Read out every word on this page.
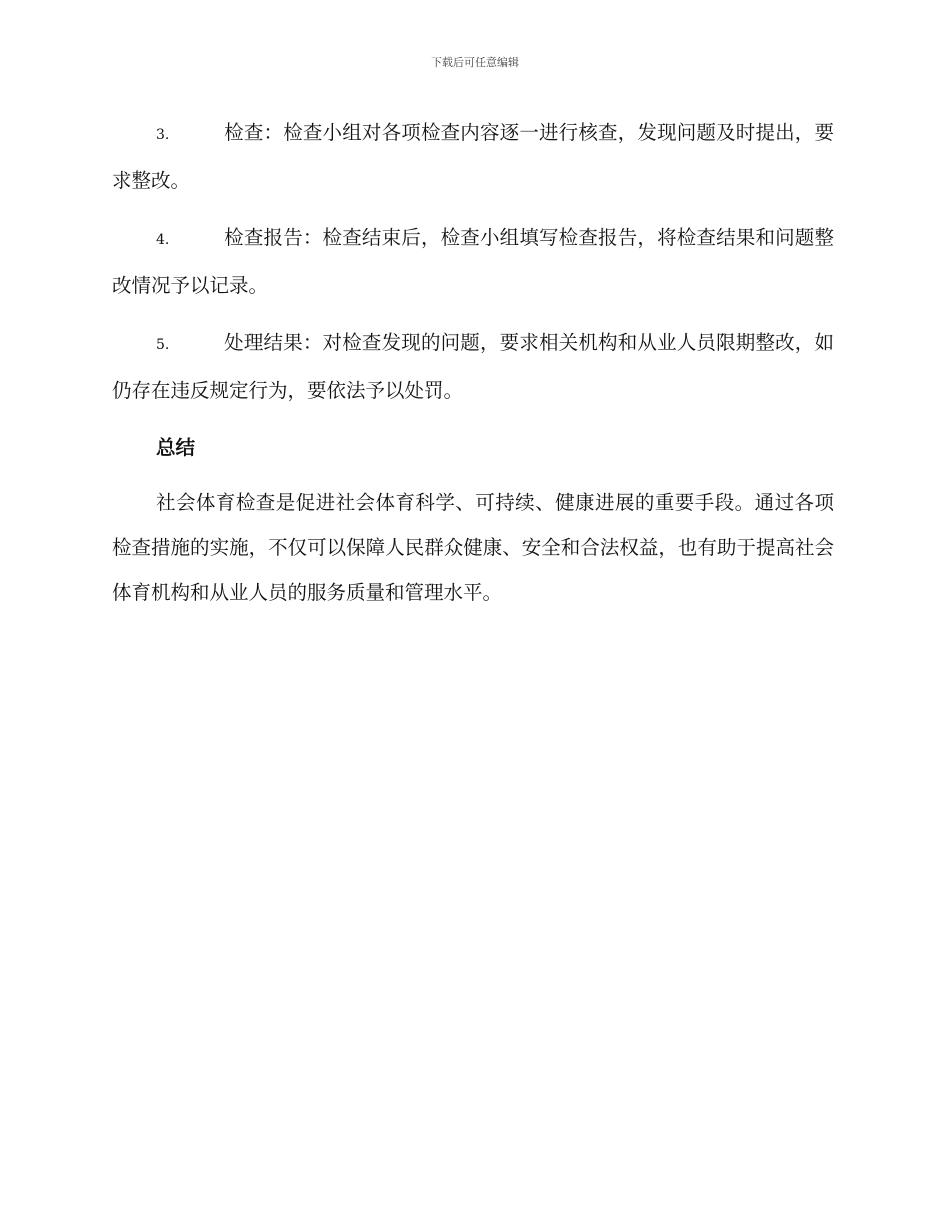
下载后可任意编辑

3.	检查：检查小组对各项检查内容逐一进行核查，发现问题及时提出，要求整改。

4.	检查报告：检查结束后，检查小组填写检查报告，将检查结果和问题整改情况予以记录。

5.	处理结果：对检查发现的问题，要求相关机构和从业人员限期整改，如仍存在违反规定行为，要依法予以处罚。

总结

社会体育检查是促进社会体育科学、可持续、健康进展的重要手段。通过各项检查措施的实施，不仅可以保障人民群众健康、安全和合法权益，也有助于提高社会体育机构和从业人员的服务质量和管理水平。
